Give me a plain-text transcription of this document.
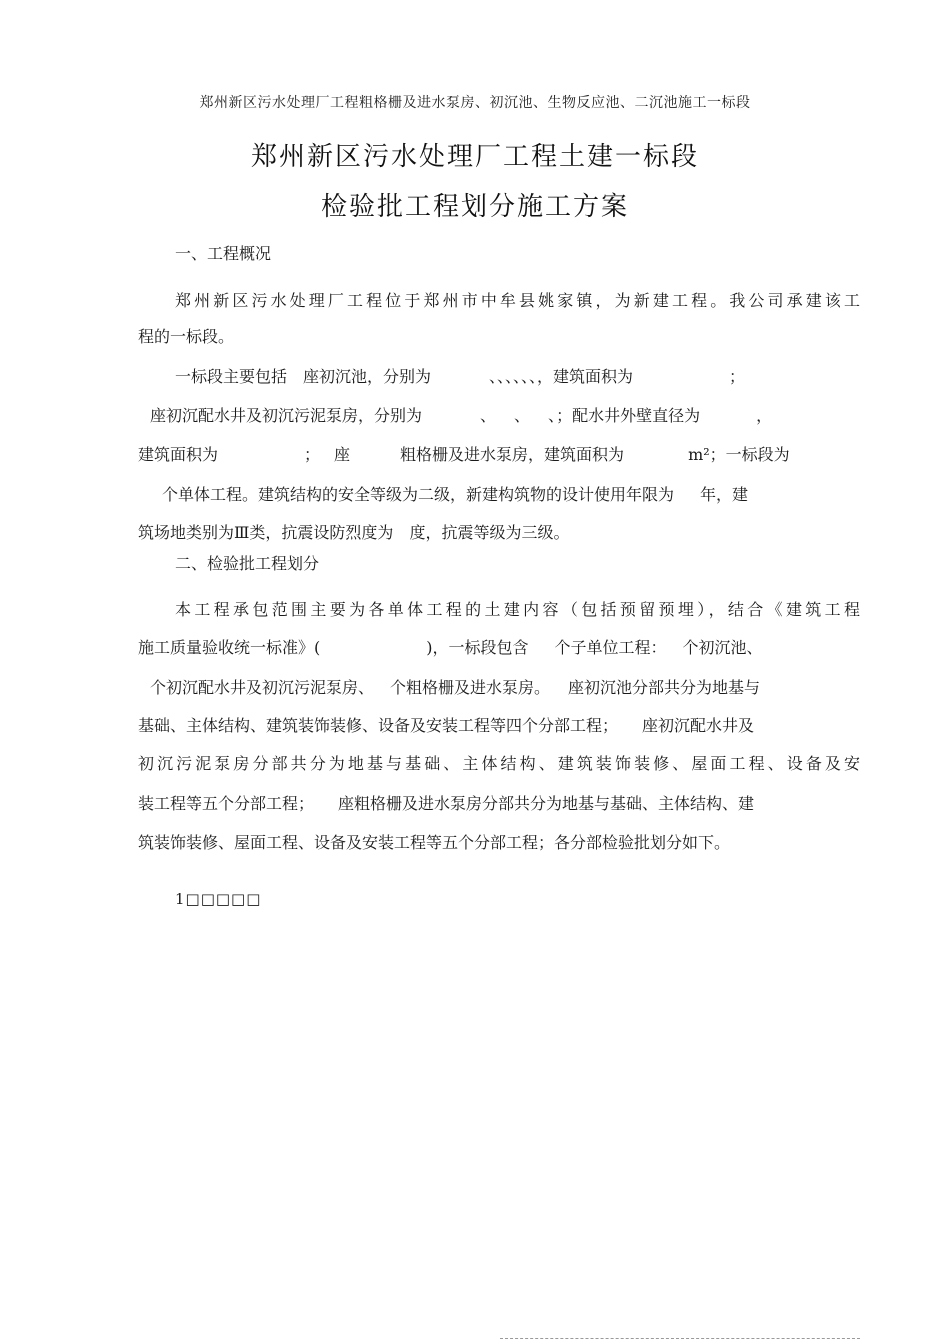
郑州新区污水处理厂工程粗格栅及进水泵房、初沉池、生物反应池、二沉池施工一标段
郑州新区污水处理厂工程土建一标段
检验批工程划分施工方案
一、工程概况
郑州新区污水处理厂工程位于郑州市中牟县姚家镇，为新建工程。我公司承建该工
程的一标段。
一标段主要包括 座初沉池，分别为	、、、、、、，建筑面积为	；
座初沉配水井及初沉污泥泵房，分别为	、 、 、；配水井外壁直径为	，
建筑面积为	； 座	粗格栅及进水泵房，建筑面积为	m²；一标段为
个单体工程。建筑结构的安全等级为二级，新建构筑物的设计使用年限为 年，建
筑场地类别为Ⅲ类，抗震设防烈度为 度，抗震等级为三级。
二、检验批工程划分
本工程承包范围主要为各单体工程的土建内容（包括预留预埋），结合《建筑工程
施工质量验收统一标准》(	)，一标段包含 个子单位工程： 个初沉池、
个初沉配水井及初沉污泥泵房、 个粗格栅及进水泵房。 座初沉池分部共分为地基与
基础、主体结构、建筑装饰装修、设备及安装工程等四个分部工程； 座初沉配水井及
初沉污泥泵房分部共分为地基与基础、主体结构、建筑装饰装修、屋面工程、设备及安
装工程等五个分部工程； 座粗格栅及进水泵房分部共分为地基与基础、主体结构、建
筑装饰装修、屋面工程、设备及安装工程等五个分部工程；各分部检验批划分如下。
1□□□□□
